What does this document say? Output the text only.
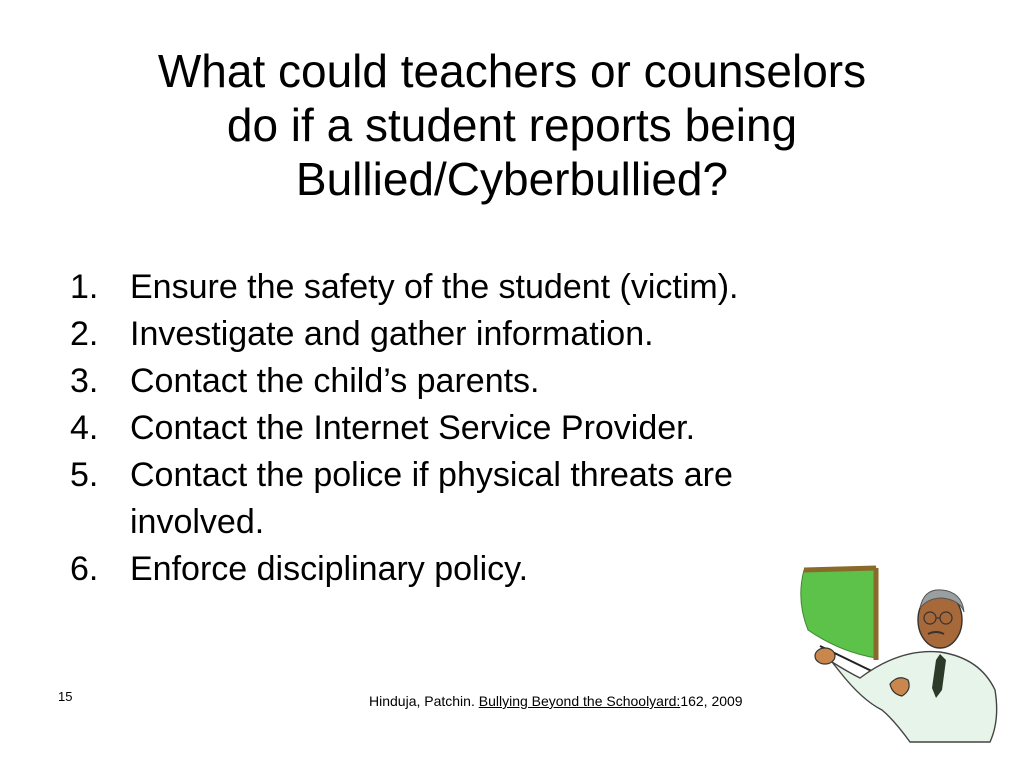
What could teachers or counselors
do if a student reports being
Bullied/Cyberbullied?
1. Ensure the safety of the student (victim).
2. Investigate and gather information.
3. Contact the child’s parents.
4. Contact the Internet Service Provider.
5. Contact the police if physical threats are involved.
6. Enforce disciplinary policy.
15	Hinduja, Patchin. Bullying Beyond the Schoolyard:162, 2009
